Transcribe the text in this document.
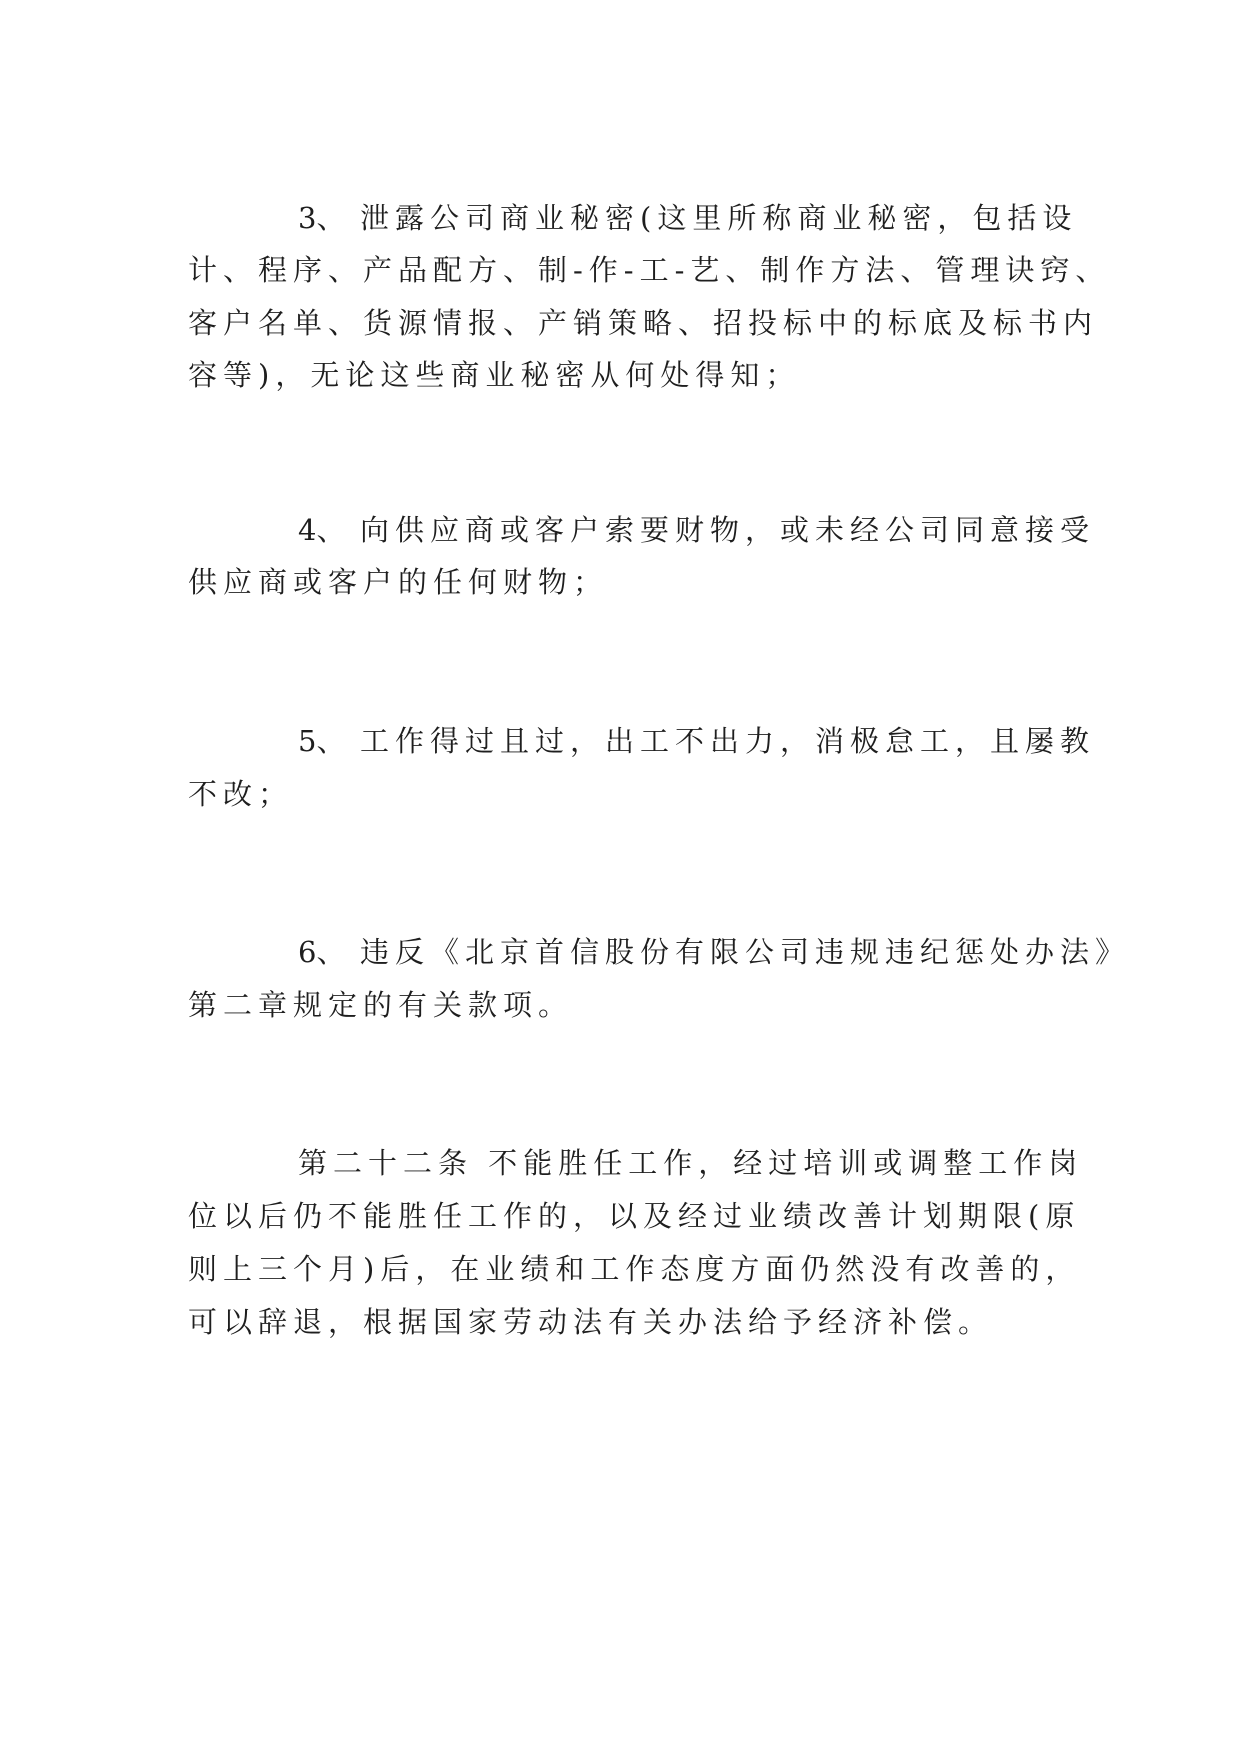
3、 泄露公司商业秘密(这里所称商业秘密，包括设
计、程序、产品配方、制-作-工-艺、制作方法、管理诀窍、
客户名单、货源情报、产销策略、招投标中的标底及标书内
容等)，无论这些商业秘密从何处得知；
4、 向供应商或客户索要财物，或未经公司同意接受
供应商或客户的任何财物；
5、 工作得过且过，出工不出力，消极怠工，且屡教
不改；
6、 违反《北京首信股份有限公司违规违纪惩处办法》
第二章规定的有关款项。
第二十二条 不能胜任工作，经过培训或调整工作岗
位以后仍不能胜任工作的，以及经过业绩改善计划期限(原
则上三个月)后，在业绩和工作态度方面仍然没有改善的，
可以辞退，根据国家劳动法有关办法给予经济补偿。
